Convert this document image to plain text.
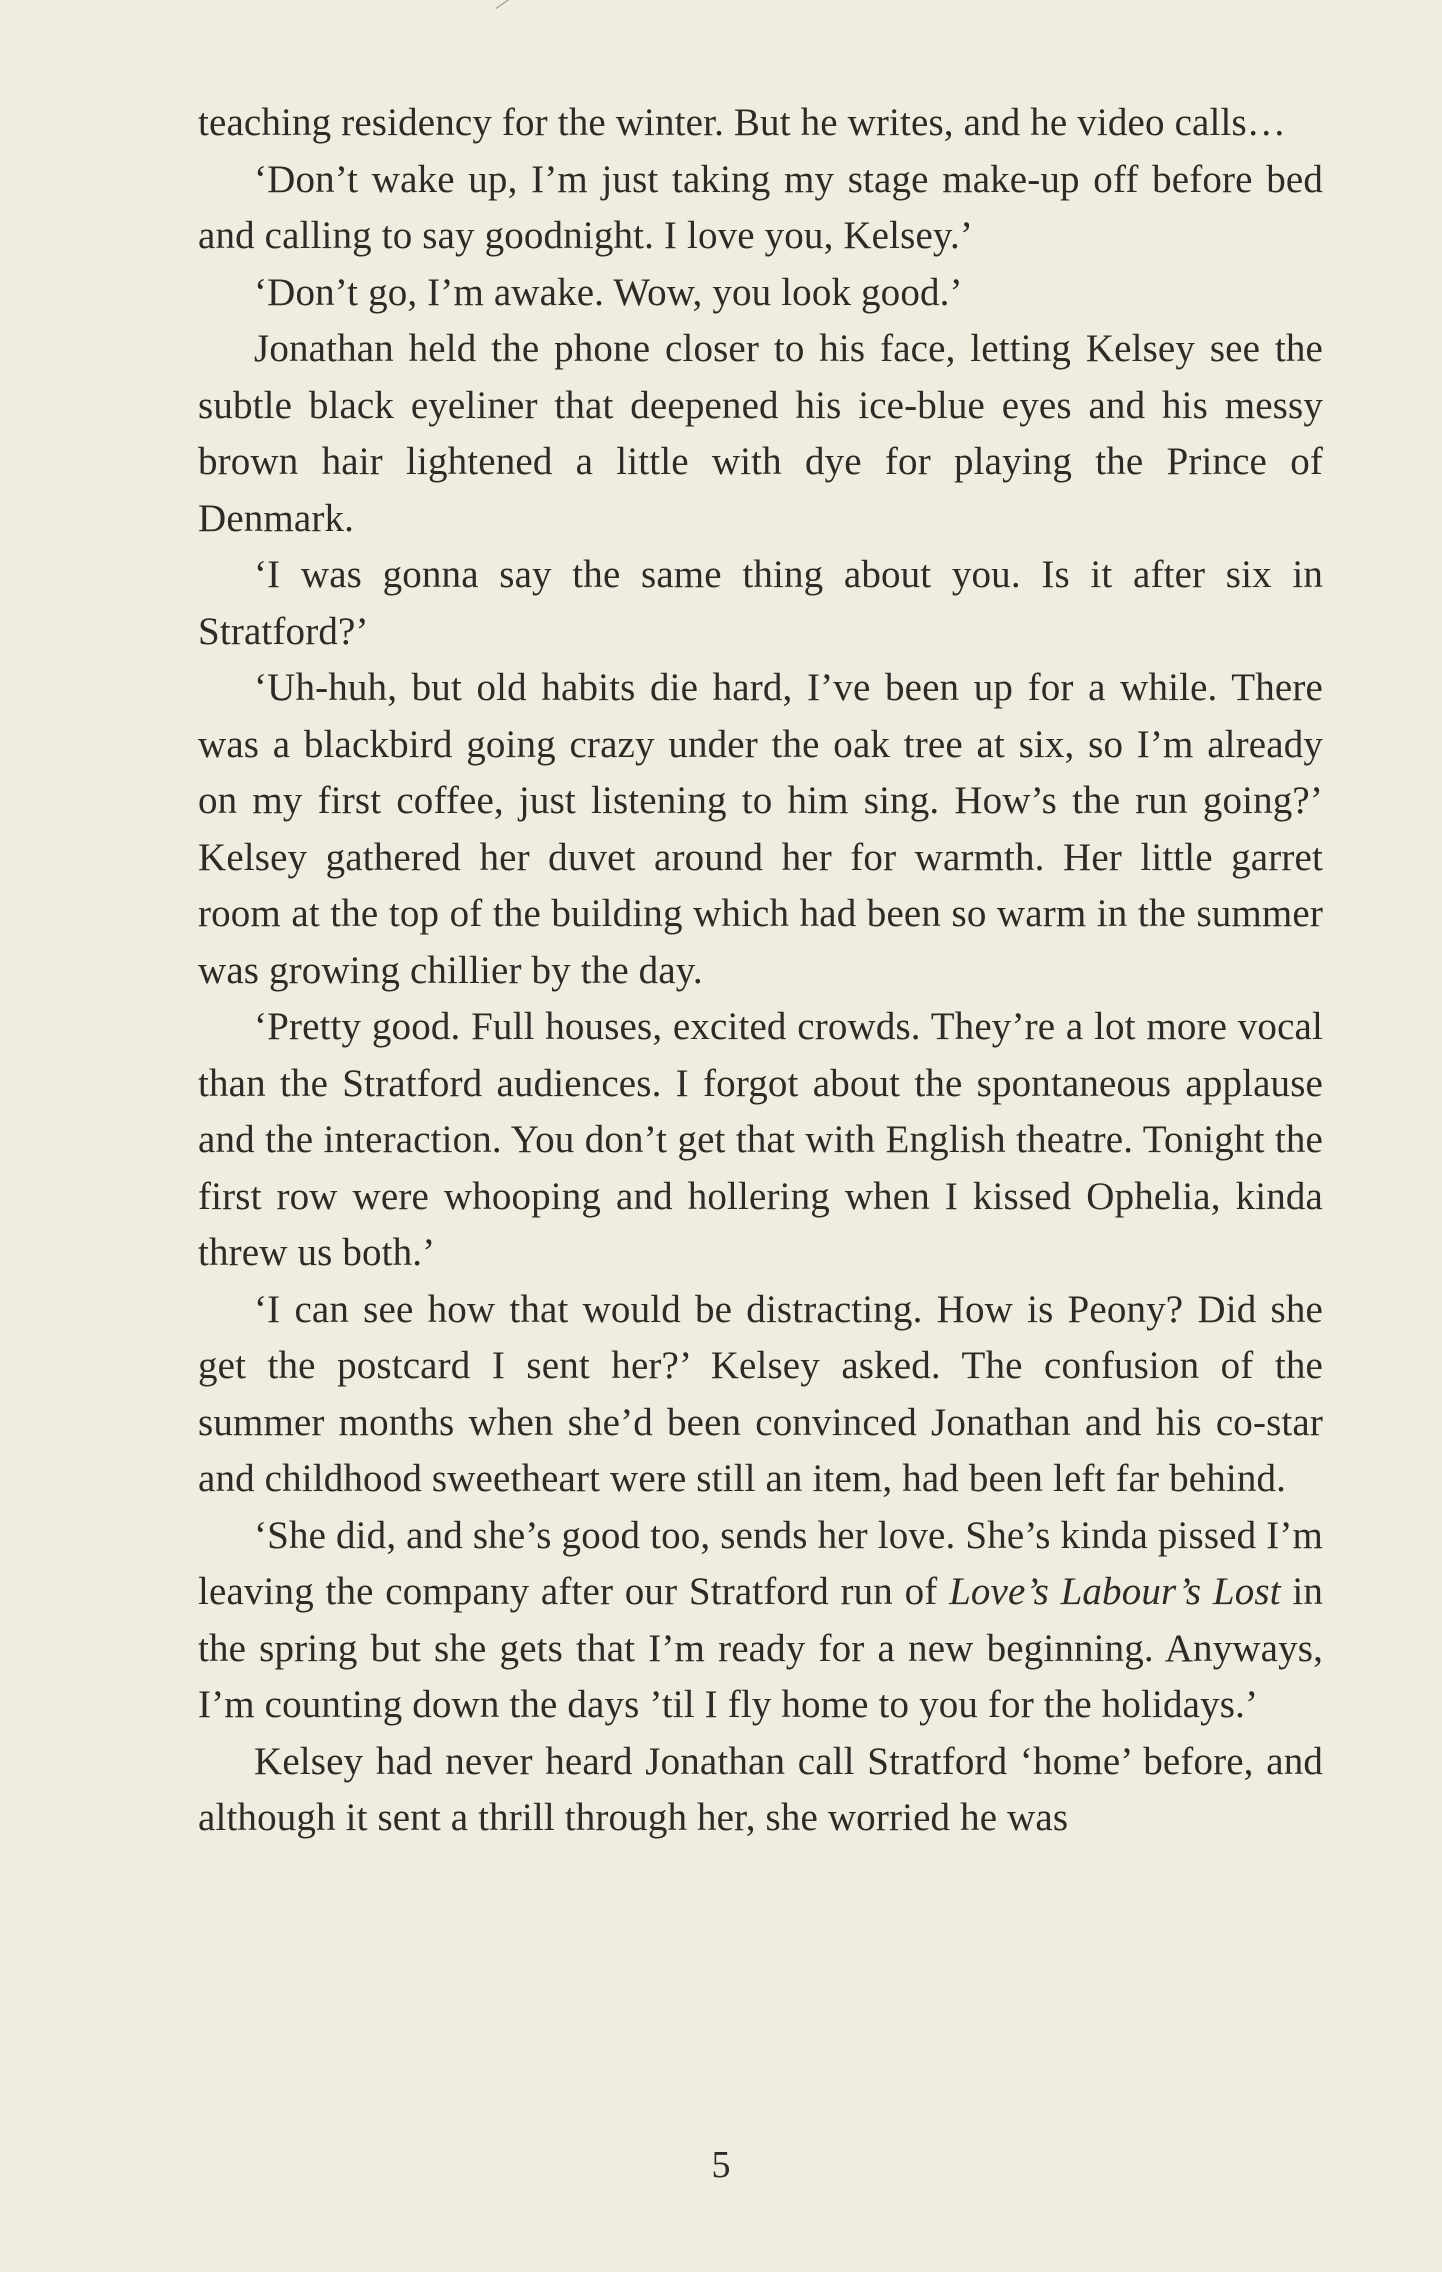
teaching residency for the winter. But he writes, and he video calls…

‘Don’t wake up, I’m just taking my stage make-up off before bed and calling to say goodnight. I love you, Kelsey.’

‘Don’t go, I’m awake. Wow, you look good.’

Jonathan held the phone closer to his face, letting Kelsey see the subtle black eyeliner that deepened his ice-blue eyes and his messy brown hair lightened a little with dye for playing the Prince of Denmark.

‘I was gonna say the same thing about you. Is it after six in Stratford?’

‘Uh-huh, but old habits die hard, I’ve been up for a while. There was a blackbird going crazy under the oak tree at six, so I’m already on my first coffee, just listening to him sing. How’s the run going?’ Kelsey gathered her duvet around her for warmth. Her little garret room at the top of the building which had been so warm in the summer was growing chillier by the day.

‘Pretty good. Full houses, excited crowds. They’re a lot more vocal than the Stratford audiences. I forgot about the spontaneous applause and the interaction. You don’t get that with English theatre. Tonight the first row were whooping and hollering when I kissed Ophelia, kinda threw us both.’

‘I can see how that would be distracting. How is Peony? Did she get the postcard I sent her?’ Kelsey asked. The confusion of the summer months when she’d been convinced Jonathan and his co-star and childhood sweetheart were still an item, had been left far behind.

‘She did, and she’s good too, sends her love. She’s kinda pissed I’m leaving the company after our Stratford run of Love’s Labour’s Lost in the spring but she gets that I’m ready for a new beginning. Anyways, I’m counting down the days ’til I fly home to you for the holidays.’

Kelsey had never heard Jonathan call Stratford ‘home’ before, and although it sent a thrill through her, she worried he was

5
